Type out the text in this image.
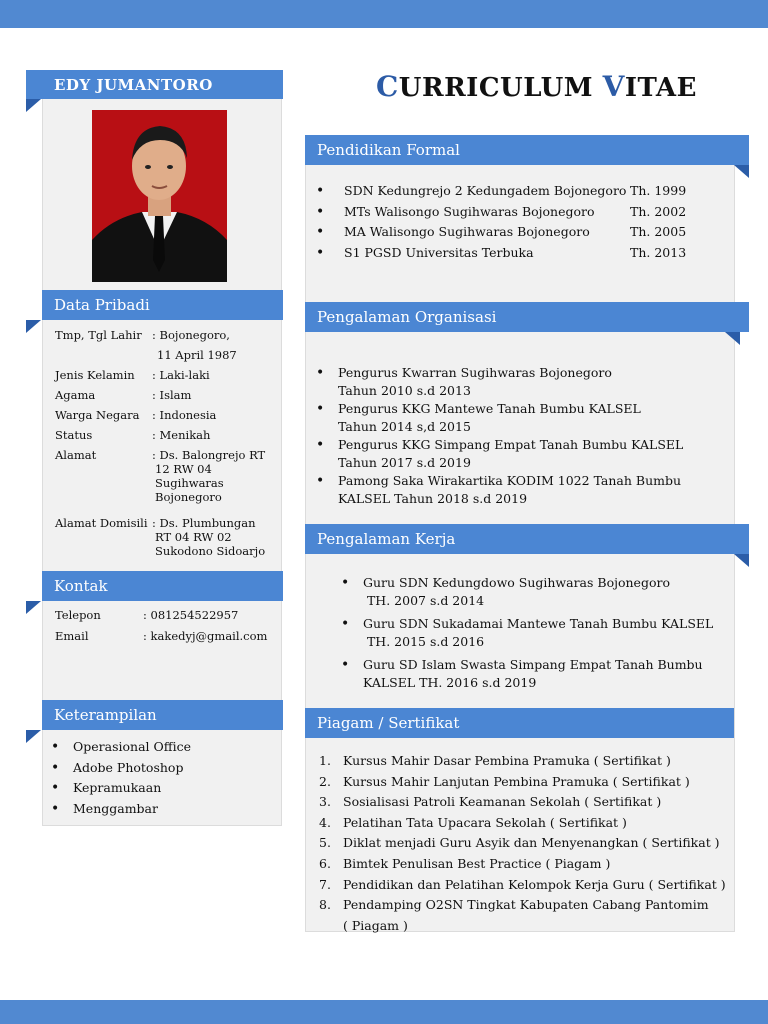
EDY JUMANTORO
Data Pribadi
Tmp, Tgl Lahir : Bojonegoro,
11 April 1987
Jenis Kelamin : Laki-laki
Agama	: Islam
Warga Negara : Indonesia
Status	: Menikah
Alamat	: Ds. Balongrejo RT
12 RW 04
Sugihwaras
Bojonegoro
Alamat Domisili : Ds. Plumbungan
RT 04 RW 02
Sukodono Sidoarjo
Kontak
Telepon	: 081254522957
Email	: kakedyj@gmail.com
Keterampilan
• Operasional Office
• Adobe Photoshop
• Kepramukaan
• Menggambar
CURRICULUM VITAE
Pendidikan Formal
• SDN Kedungrejo 2 Kedungadem Bojonegoro Th. 1999
• MTs Walisongo Sugihwaras Bojonegoro	Th. 2002
• MA Walisongo Sugihwaras Bojonegoro	Th. 2005
• S1 PGSD Universitas Terbuka	Th. 2013
Pengalaman Organisasi
• Pengurus Kwarran Sugihwaras Bojonegoro
Tahun 2010 s.d 2013
• Pengurus KKG Mantewe Tanah Bumbu KALSEL
Tahun 2014 s,d 2015
• Pengurus KKG Simpang Empat Tanah Bumbu KALSEL
Tahun 2017 s.d 2019
• Pamong Saka Wirakartika KODIM 1022 Tanah Bumbu
KALSEL Tahun 2018 s.d 2019
Pengalaman Kerja
• Guru SDN Kedungdowo Sugihwaras Bojonegoro
TH. 2007 s.d 2014
• Guru SDN Sukadamai Mantewe Tanah Bumbu KALSEL
TH. 2015 s.d 2016
• Guru SD Islam Swasta Simpang Empat Tanah Bumbu
KALSEL TH. 2016 s.d 2019
Piagam / Sertifikat
1. Kursus Mahir Dasar Pembina Pramuka ( Sertifikat )
2. Kursus Mahir Lanjutan Pembina Pramuka ( Sertifikat )
3. Sosialisasi Patroli Keamanan Sekolah ( Sertifikat )
4. Pelatihan Tata Upacara Sekolah ( Sertifikat )
5. Diklat menjadi Guru Asyik dan Menyenangkan ( Sertifikat )
6. Bimtek Penulisan Best Practice ( Piagam )
7. Pendidikan dan Pelatihan Kelompok Kerja Guru ( Sertifikat )
8. Pendamping O2SN Tingkat Kabupaten Cabang Pantomim
( Piagam )
